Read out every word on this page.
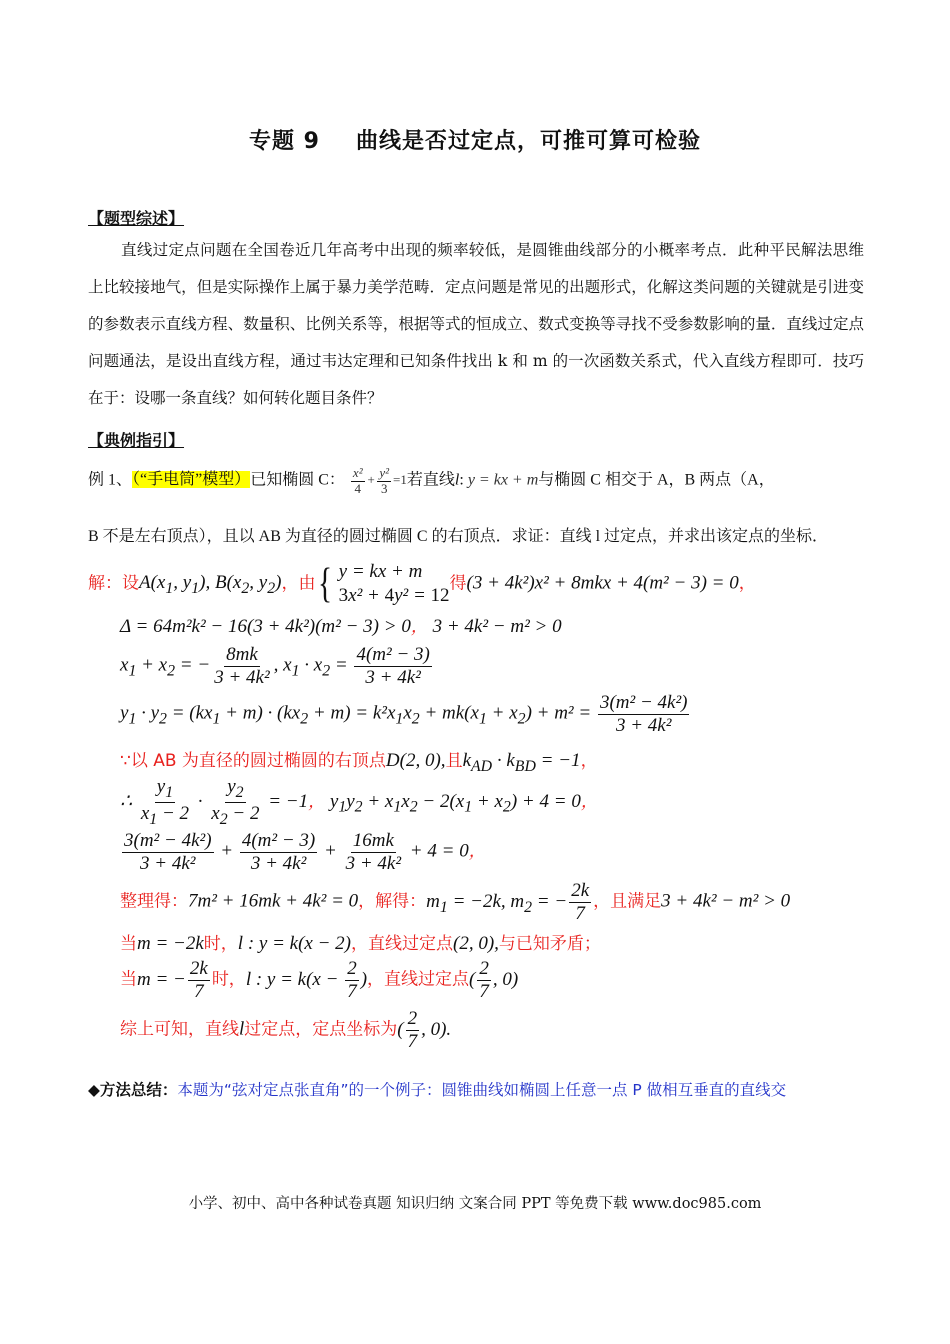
专题 9 曲线是否过定点，可推可算可检验
【题型综述】
直线过定点问题在全国卷近几年高考中出现的频率较低，是圆锥曲线部分的小概率考点．此种平民解法思维上比较接地气，但是实际操作上属于暴力美学范畴．定点问题是常见的出题形式，化解这类问题的关键就是引进变的参数表示直线方程、数量积、比例关系等，根据等式的恒成立、数式变换等寻找不受参数影响的量．直线过定点问题通法，是设出直线方程，通过韦达定理和已知条件找出 k 和 m 的一次函数关系式，代入直线方程即可．技巧在于：设哪一条直线？如何转化题目条件？
【典例指引】
例 1、（“手电筒”模型）已知椭圆 C： $\frac{\text{x²}}{4} + \frac{\text{y²}}{3} =1$若直线l: y = kx + m与椭圆 C 相交于 A，B 两点（A，
B 不是左右顶点），且以 AB 为直径的圆过椭圆 C 的右顶点．求证：直线 l 过定点，并求出该定点的坐标．
解：设$A(x_1$, $y_1$), $B(x_2$, $y_2$)，由 { y = kx + m
3x² + 4y² = 12
得(3 + 4k²)x² + 8mkx + 4(m² − 3) = 0，
Δ = 64m²k² − 16(3 + 4k²)(m² − 3) > 0， 3 + 4k² − m² > 0
$x_1 + x_2$ = − $\frac{8mk}{\text{3 + 4k²}}$ , $x_1 \cdot x_2 = \frac{\text{4(m² − 3)}}{\text{3 + 4k²}}$
$y_1 \cdot y_2 = (kx_1 + m) \cdot (kx_2 + m) = k^2x_1x_2 + mk(x_1 + x_2) + m^2 = \frac{\text{3(m² − 4k²)}}{\text{3 + 4k²}}$
∵以 AB 为直径的圆过椭圆的右顶点D(2, 0),且$k_{AD} \cdot k_{BD} = -1$，
∴ $\frac{y_1}{x_1 - 2} \cdot \frac{y_2}{x_2 - 2} = -1$， $y_1y_2 + x_1x_2 - 2(x_1 + x_2) + 4 = 0$，
$\frac{\text{3(m² − 4k²)}}{\text{3 + 4k²}} + \frac{\text{4(m² − 3)}}{\text{3 + 4k²}} + \frac{16mk}{\text{3 + 4k²}} + 4 = 0$，
整理得：7m² + 16mk + 4k² = 0，解得：$m_1 = -2k$, $m_2$ = − $\frac{2k}{7}$ ，且满足3 + 4k² − m² > 0
当m = −2k时，l : y = k(x − 2)，直线过定点(2, 0),与已知矛盾；
当m = − $\frac{2k}{7}$ 时，l : $y = k(x - \frac{2}{7}$ )，直线过定点( $\frac{2}{7}$ , 0)
综上可知，直线l过定点，定点坐标为( $\frac{2}{7}$ , 0).
◆方法总结：本题为“弦对定点张直角”的一个例子：圆锥曲线如椭圆上任意一点 P 做相互垂直的直线交
小学、初中、高中各种试卷真题 知识归纳 文案合同 PPT 等免费下载 www.doc985.com
